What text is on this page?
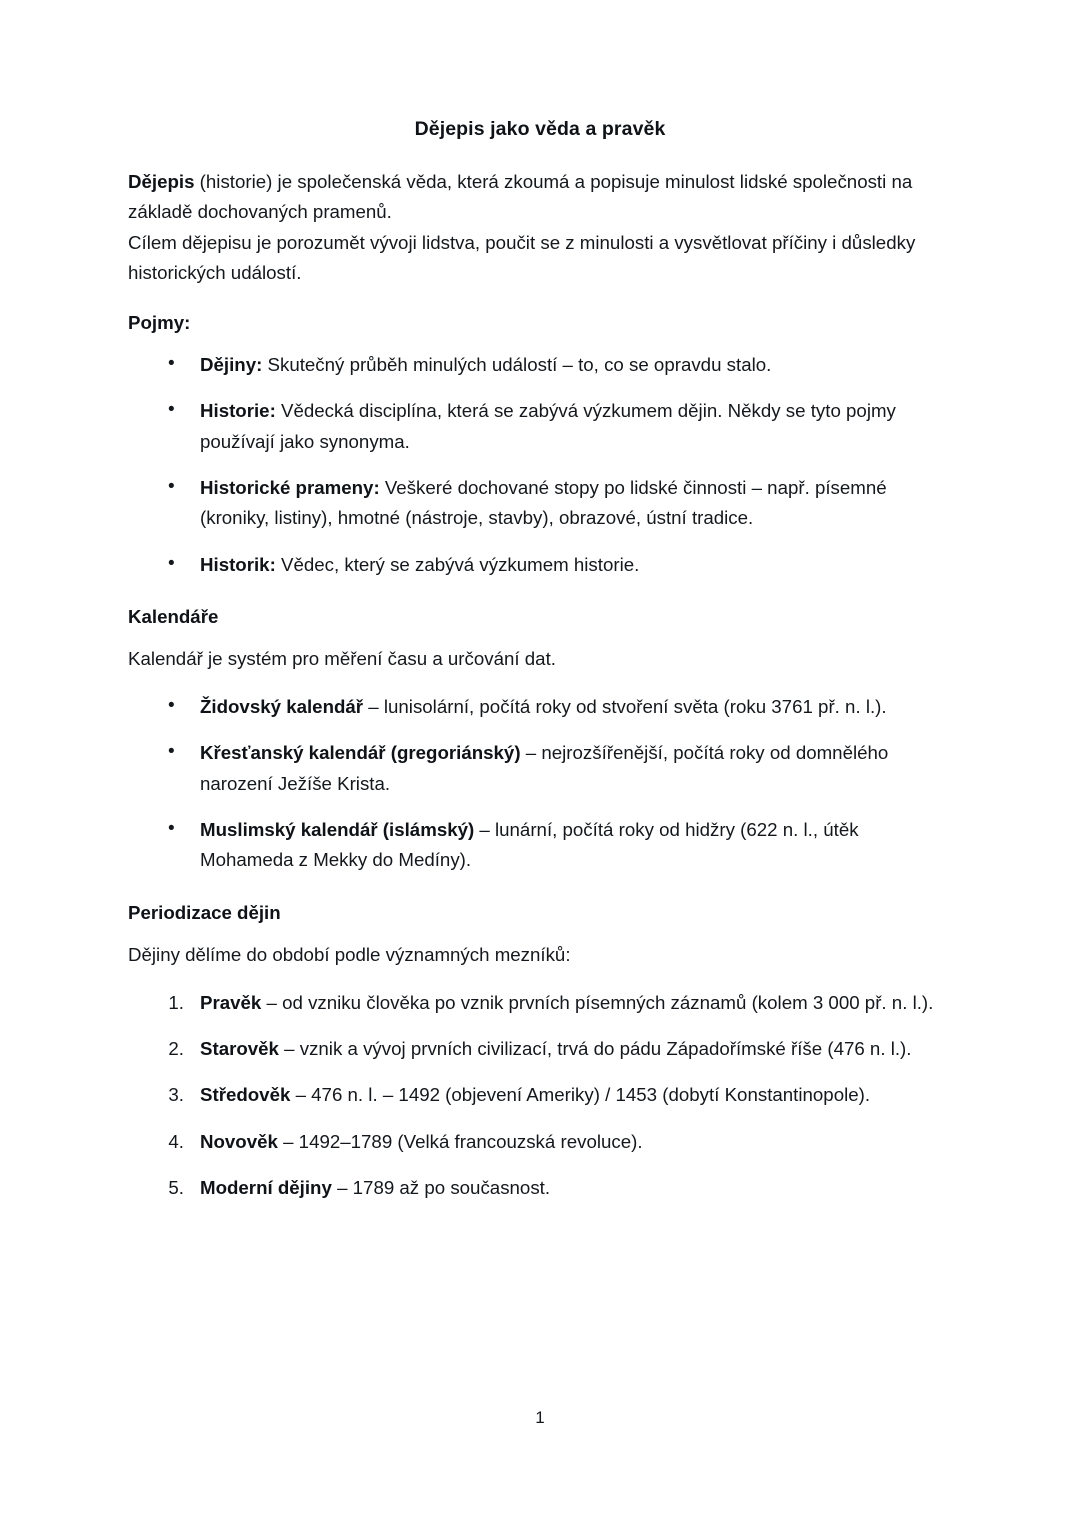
Dějepis jako věda a pravěk

Dějepis (historie) je společenská věda, která zkoumá a popisuje minulost lidské společnosti na základě dochovaných pramenů.

Cílem dějepisu je porozumět vývoji lidstva, poučit se z minulosti a vysvětlovat příčiny i důsledky historických událostí.

Pojmy:
• Dějiny: Skutečný průběh minulých událostí – to, co se opravdu stalo.
• Historie: Vědecká disciplína, která se zabývá výzkumem dějin. Někdy se tyto pojmy používají jako synonyma.
• Historické prameny: Veškeré dochované stopy po lidské činnosti – např. písemné (kroniky, listiny), hmotné (nástroje, stavby), obrazové, ústní tradice.
• Historik: Vědec, který se zabývá výzkumem historie.
Kalendáře

Kalendář je systém pro měření času a určování dat.

• Židovský kalendář – lunisolární, počítá roky od stvoření světa (roku 3761 př. n. l.).
• Křesťanský kalendář (gregoriánský) – nejrozšířenější, počítá roky od domnělého narození Ježíše Krista.
• Muslimský kalendář (islámský) – lunární, počítá roky od hidžry (622 n. l., útěk Mohameda z Mekky do Medíny).
Periodizace dějin

Dějiny dělíme do období podle významných mezníků:

Pravěk – od vzniku člověka po vznik prvních písemných záznamů (kolem 3 000 př. n. l.).
Starověk – vznik a vývoj prvních civilizací, trvá do pádu Západořímské říše (476 n. l.).
Středověk – 476 n. l. – 1492 (objevení Ameriky) / 1453 (dobytí Konstantinopole).
Novověk – 1492–1789 (Velká francouzská revoluce).
Moderní dějiny – 1789 až po současnost.
1
